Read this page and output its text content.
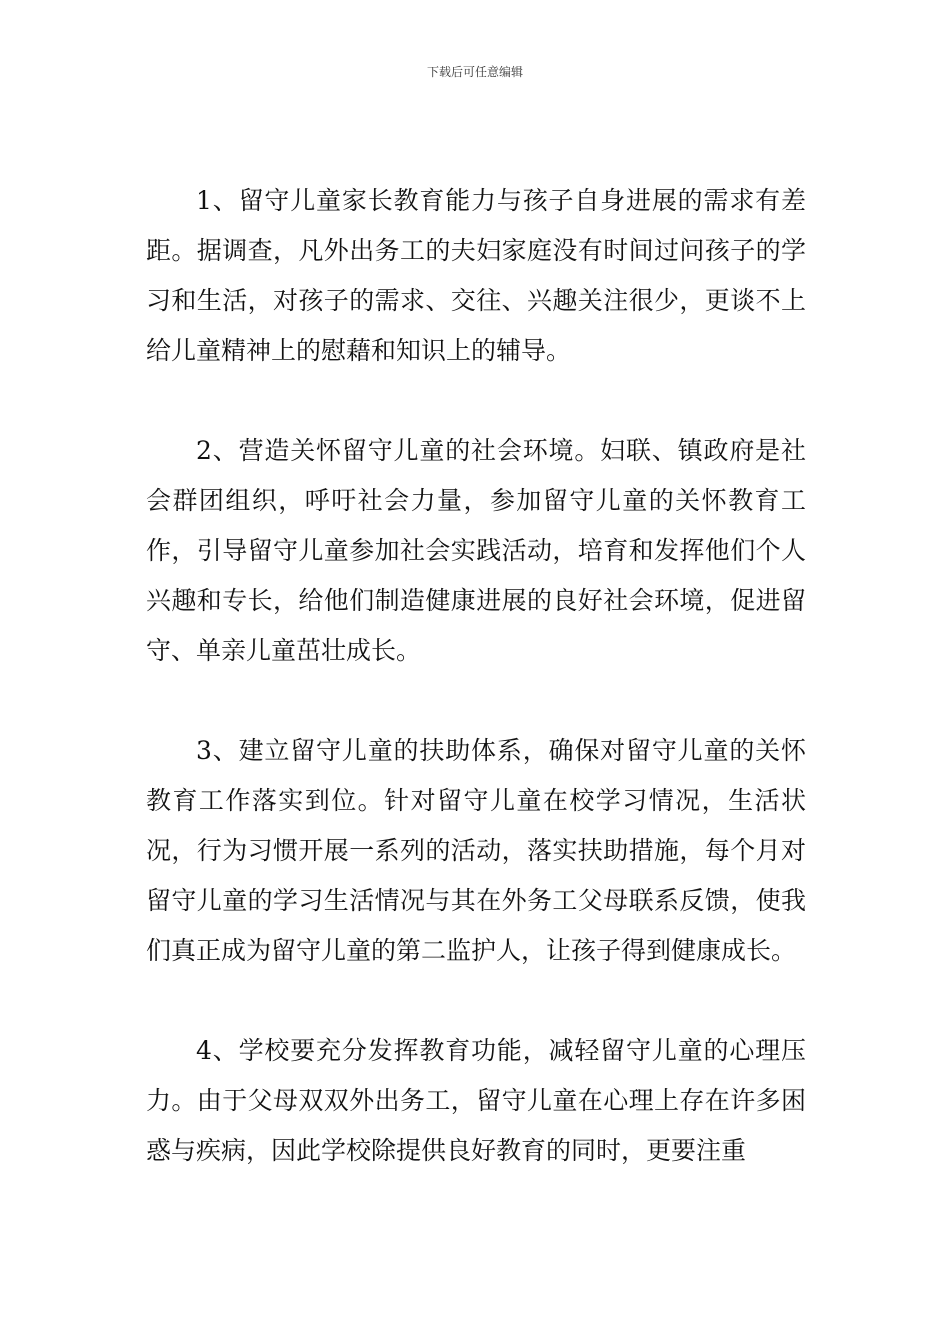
下载后可任意编辑

1、留守儿童家长教育能力与孩子自身进展的需求有差距。据调查，凡外出务工的夫妇家庭没有时间过问孩子的学习和生活，对孩子的需求、交往、兴趣关注很少，更谈不上给儿童精神上的慰藉和知识上的辅导。

2、营造关怀留守儿童的社会环境。妇联、镇政府是社会群团组织，呼吁社会力量，参加留守儿童的关怀教育工作，引导留守儿童参加社会实践活动，培育和发挥他们个人兴趣和专长，给他们制造健康进展的良好社会环境，促进留守、单亲儿童茁壮成长。

3、建立留守儿童的扶助体系，确保对留守儿童的关怀教育工作落实到位。针对留守儿童在校学习情况，生活状况，行为习惯开展一系列的活动，落实扶助措施，每个月对留守儿童的学习生活情况与其在外务工父母联系反馈，使我们真正成为留守儿童的第二监护人，让孩子得到健康成长。

4、学校要充分发挥教育功能，减轻留守儿童的心理压力。由于父母双双外出务工，留守儿童在心理上存在许多困惑与疾病，因此学校除提供良好教育的同时，更要注重
